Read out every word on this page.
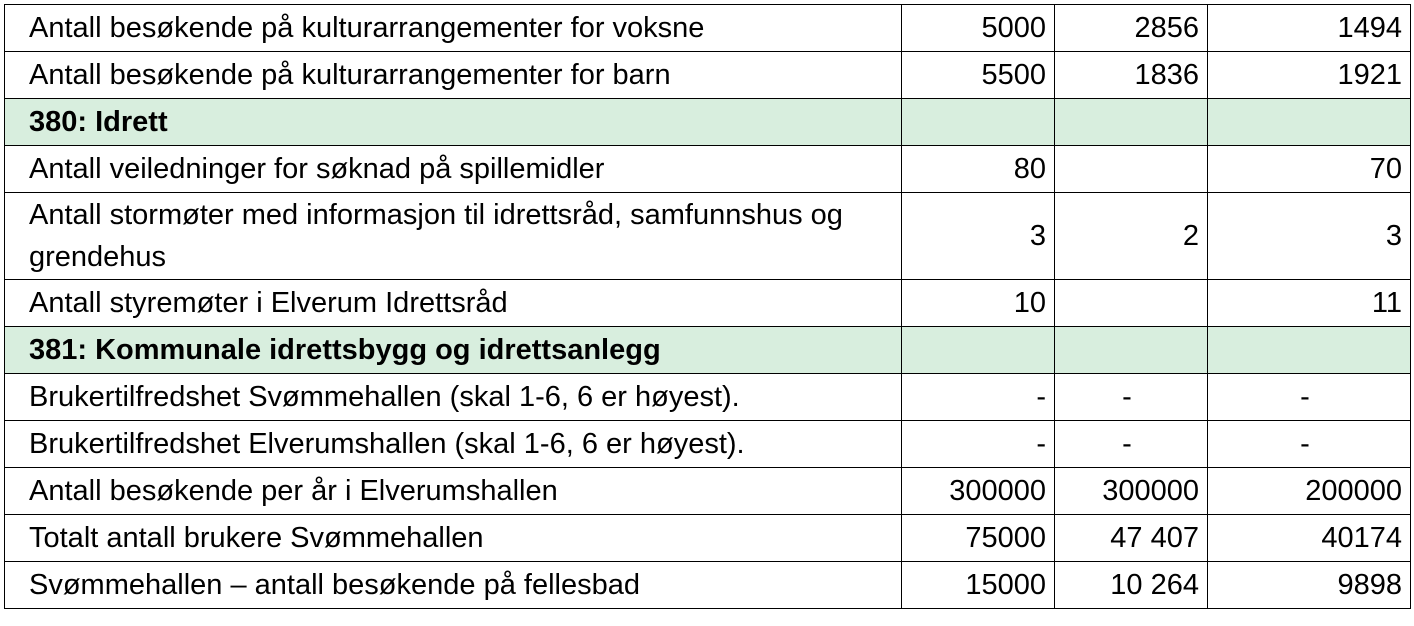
Antall besøkende på kulturarrangementer for voksne	5000	2856	1494
Antall besøkende på kulturarrangementer for barn	5500	1836	1921
380: Idrett			
Antall veiledninger for søknad på spillemidler	80		70
Antall stormøter med informasjon til idrettsråd, samfunnshus og grendehus	3	2	3
Antall styremøter i Elverum Idrettsråd	10		11
381: Kommunale idrettsbygg og idrettsanlegg			
Brukertilfredshet Svømmehallen (skal 1-6, 6 er høyest).	-	-	-
Brukertilfredshet Elverumshallen (skal 1-6, 6 er høyest).	-	-	-
Antall besøkende per år i Elverumshallen	300000	300000	200000
Totalt antall brukere Svømmehallen	75000	47 407	40174
Svømmehallen – antall besøkende på fellesbad	15000	10 264	9898
